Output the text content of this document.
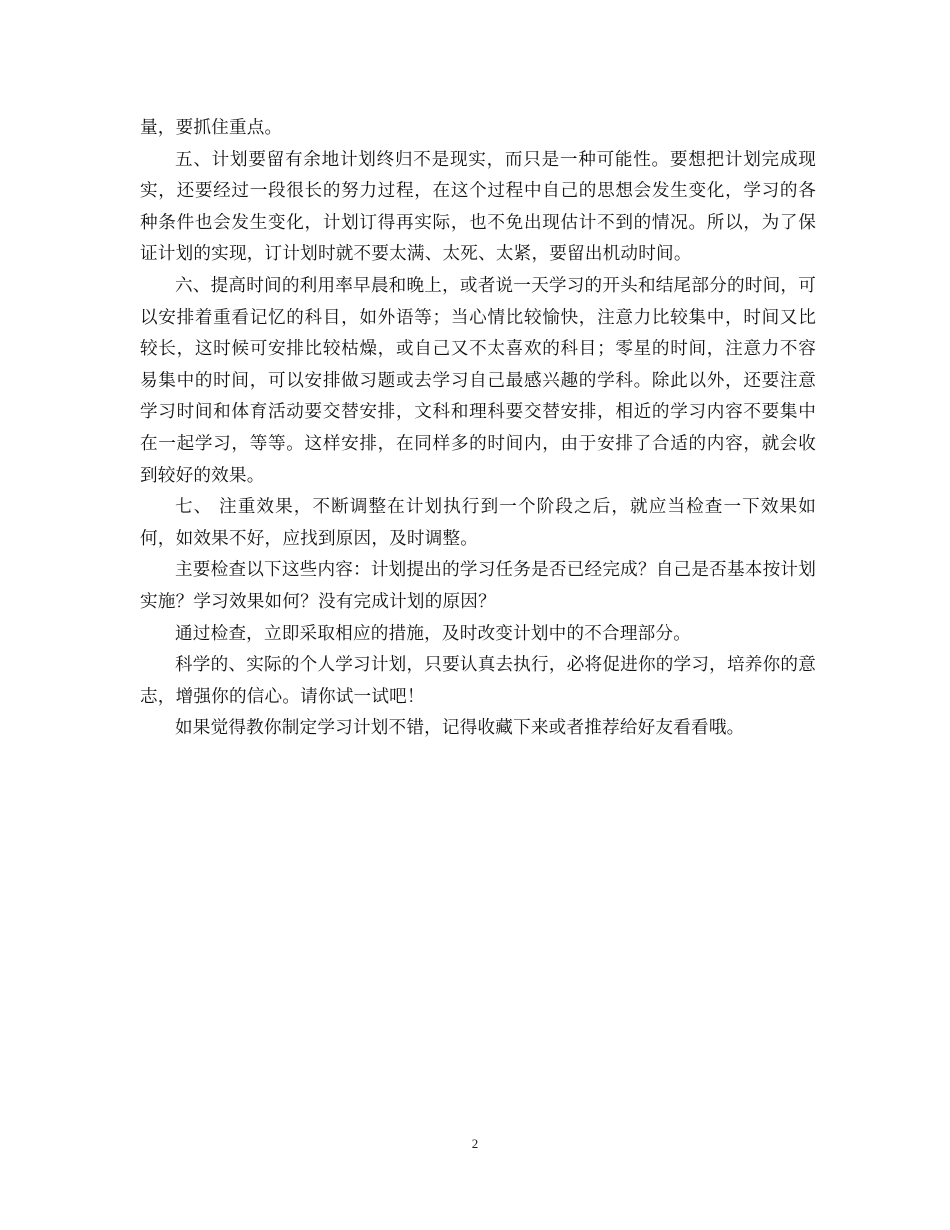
量，要抓住重点。

五、计划要留有余地计划终归不是现实，而只是一种可能性。要想把计划完成现实，还要经过一段很长的努力过程，在这个过程中自己的思想会发生变化，学习的各种条件也会发生变化，计划订得再实际，也不免出现估计不到的情况。所以，为了保证计划的实现，订计划时就不要太满、太死、太紧，要留出机动时间。

六、提高时间的利用率早晨和晚上，或者说一天学习的开头和结尾部分的时间，可以安排着重看记忆的科目，如外语等；当心情比较愉快，注意力比较集中，时间又比较长，这时候可安排比较枯燥，或自己又不太喜欢的科目；零星的时间，注意力不容易集中的时间，可以安排做习题或去学习自己最感兴趣的学科。除此以外，还要注意学习时间和体育活动要交替安排，文科和理科要交替安排，相近的学习内容不要集中在一起学习，等等。这样安排，在同样多的时间内，由于安排了合适的内容，就会收到较好的效果。

七、 注重效果，不断调整在计划执行到一个阶段之后，就应当检查一下效果如何，如效果不好，应找到原因，及时调整。

主要检查以下这些内容：计划提出的学习任务是否已经完成？自己是否基本按计划实施？学习效果如何？没有完成计划的原因？

通过检查，立即采取相应的措施，及时改变计划中的不合理部分。

科学的、实际的个人学习计划，只要认真去执行，必将促进你的学习，培养你的意志，增强你的信心。请你试一试吧！

如果觉得教你制定学习计划不错，记得收藏下来或者推荐给好友看看哦。

2
